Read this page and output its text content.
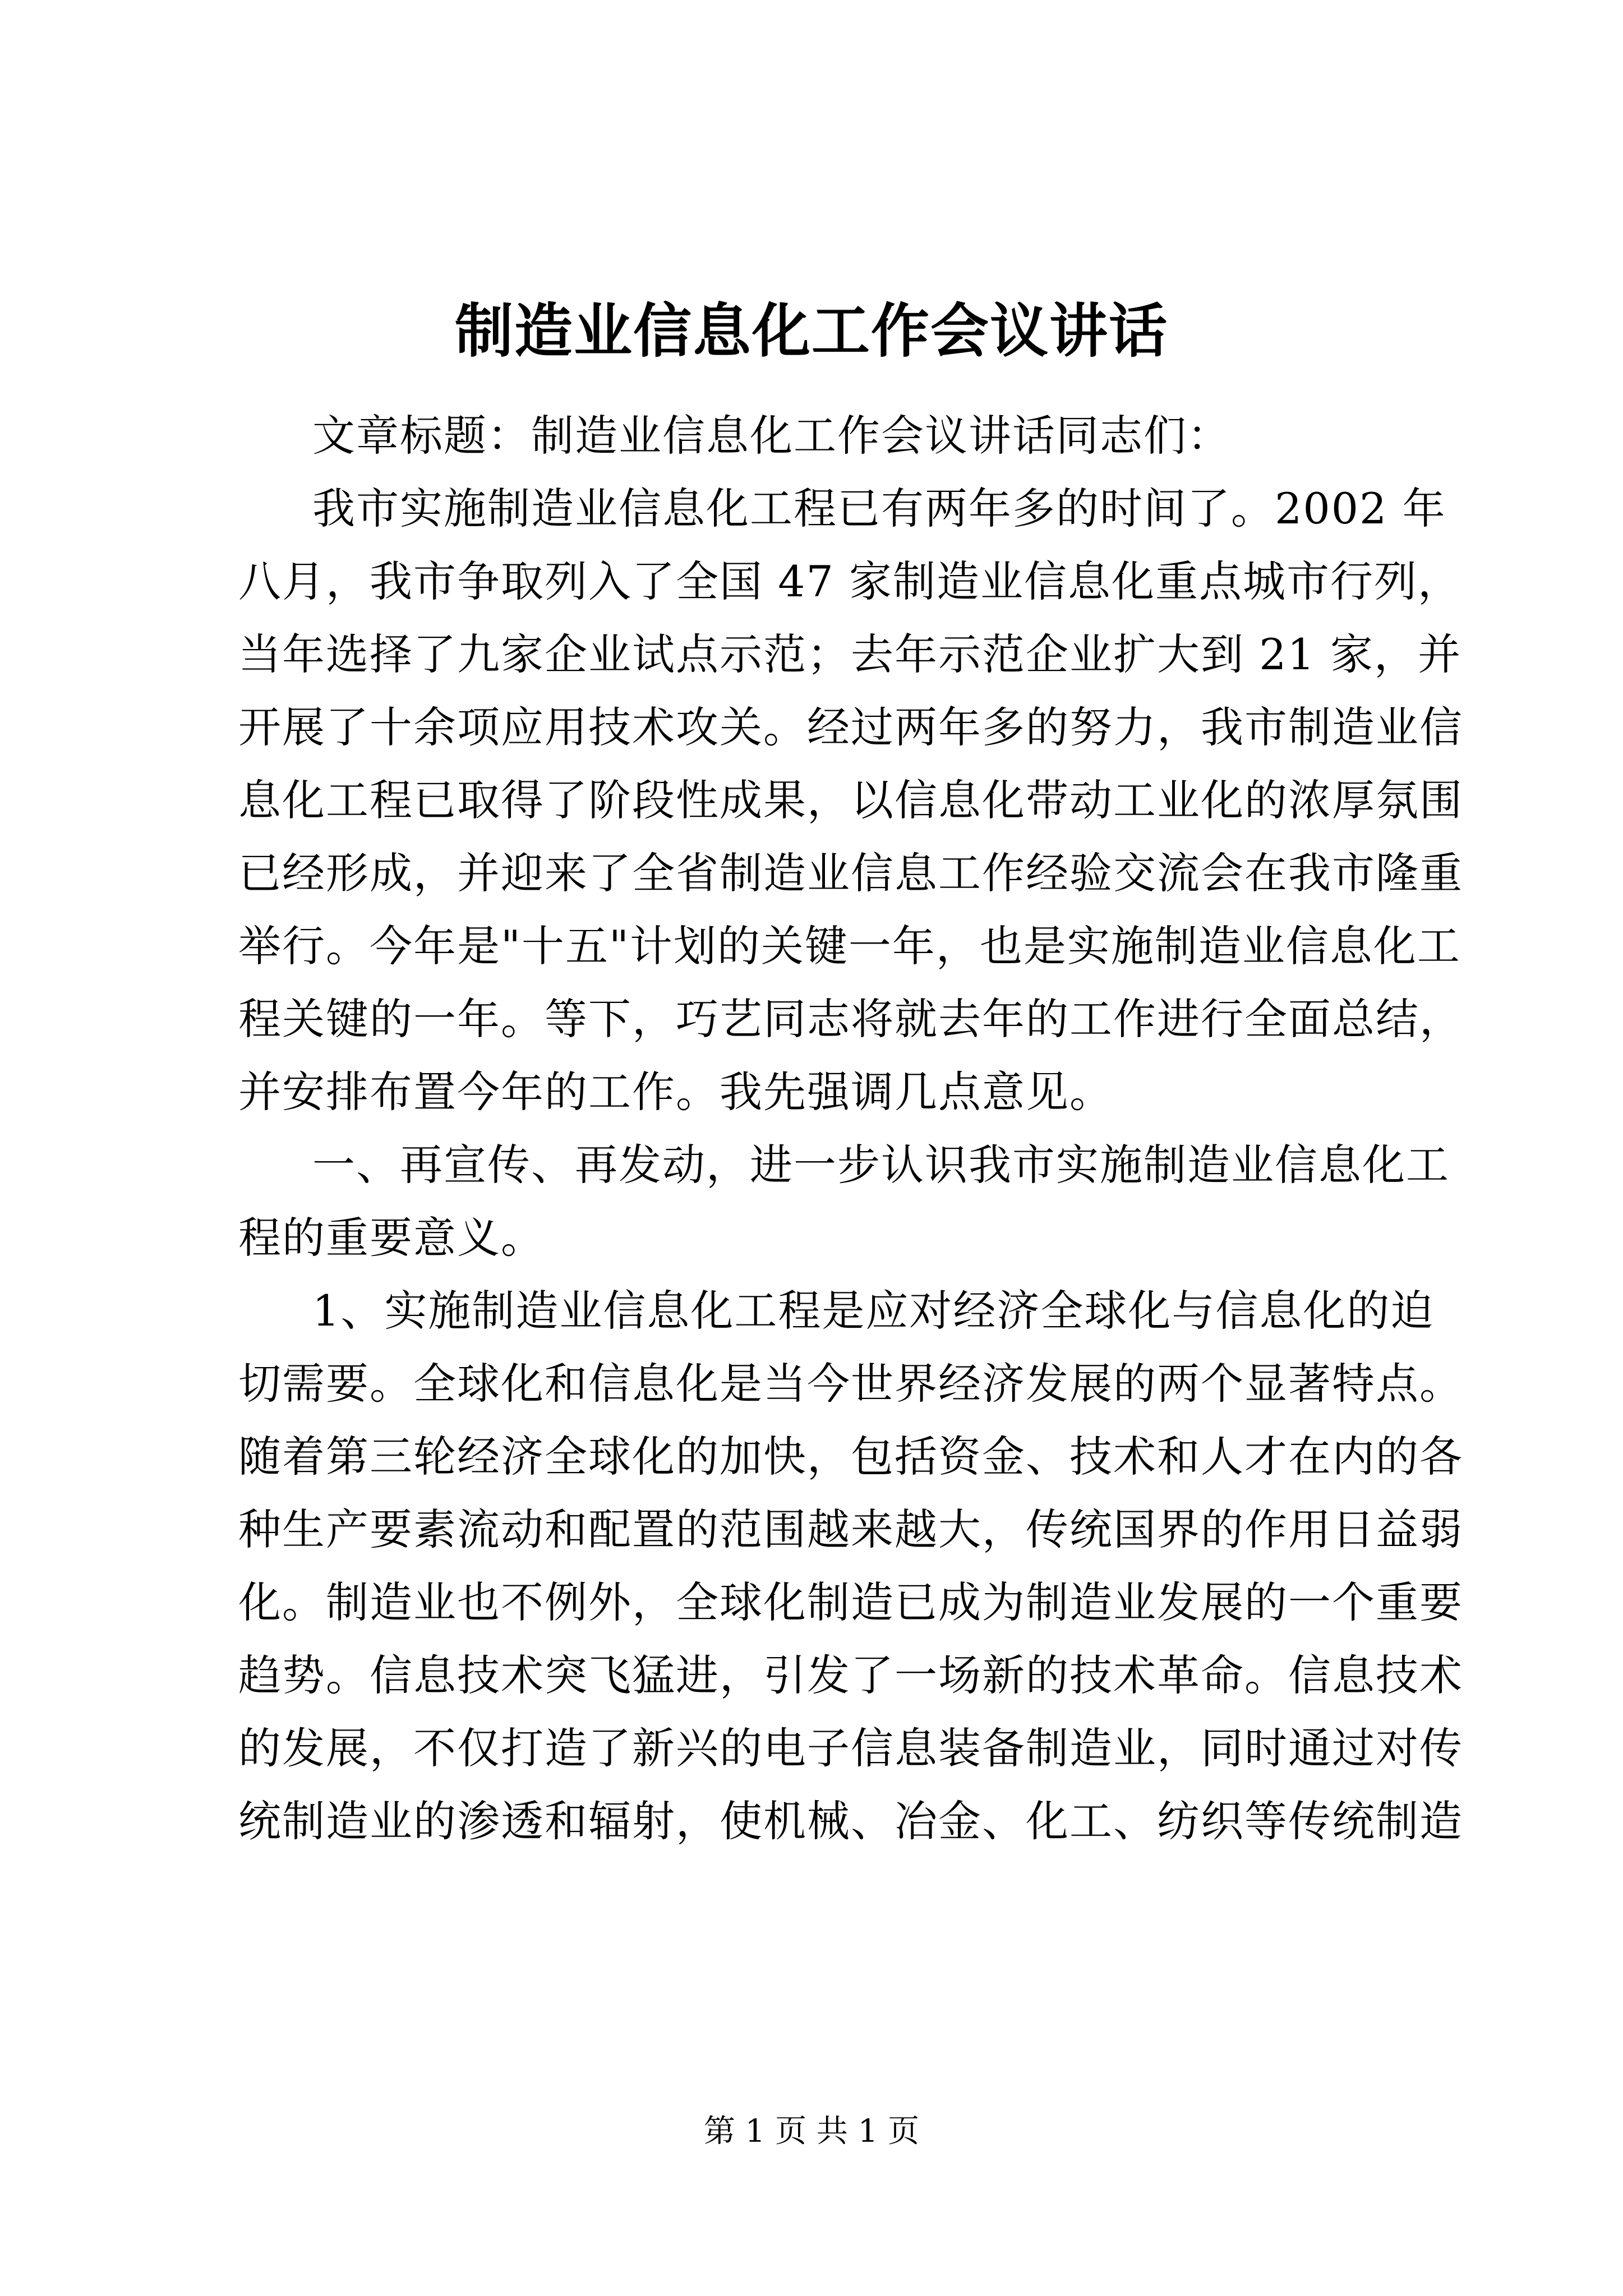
制造业信息化工作会议讲话
文章标题：制造业信息化工作会议讲话同志们：
我市实施制造业信息化工程已有两年多的时间了。2002 年
八月，我市争取列入了全国 47 家制造业信息化重点城市行列，
当年选择了九家企业试点示范；去年示范企业扩大到 21 家，并
开展了十余项应用技术攻关。经过两年多的努力，我市制造业信
息化工程已取得了阶段性成果，以信息化带动工业化的浓厚氛围
已经形成，并迎来了全省制造业信息工作经验交流会在我市隆重
举行。今年是"十五"计划的关键一年，也是实施制造业信息化工
程关键的一年。等下，巧艺同志将就去年的工作进行全面总结，
并安排布置今年的工作。我先强调几点意见。
一、再宣传、再发动，进一步认识我市实施制造业信息化工
程的重要意义。
1、实施制造业信息化工程是应对经济全球化与信息化的迫
切需要。全球化和信息化是当今世界经济发展的两个显著特点。
随着第三轮经济全球化的加快，包括资金、技术和人才在内的各
种生产要素流动和配置的范围越来越大，传统国界的作用日益弱
化。制造业也不例外，全球化制造已成为制造业发展的一个重要
趋势。信息技术突飞猛进，引发了一场新的技术革命。信息技术
的发展，不仅打造了新兴的电子信息装备制造业，同时通过对传
统制造业的渗透和辐射，使机械、冶金、化工、纺织等传统制造
第 1 页 共 1 页
